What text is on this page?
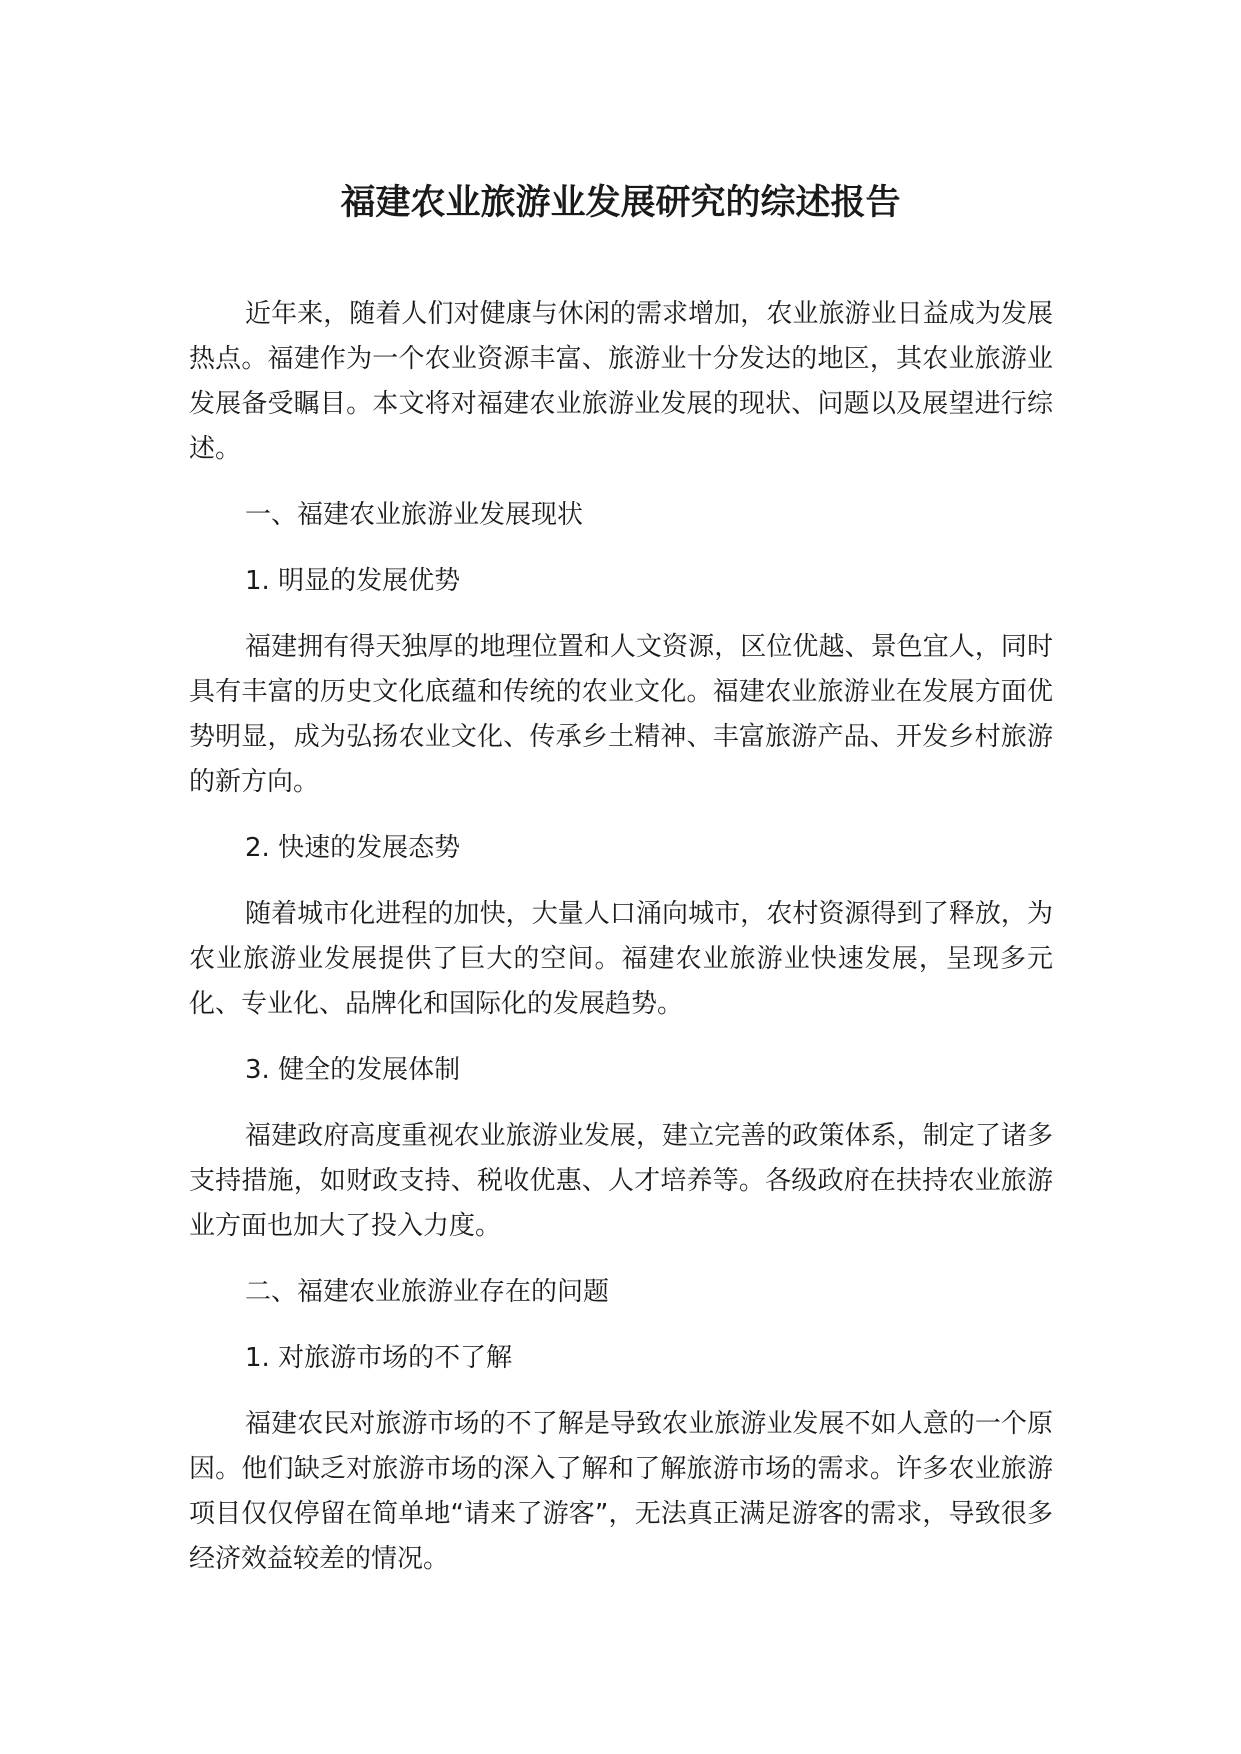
福建农业旅游业发展研究的综述报告

近年来，随着人们对健康与休闲的需求增加，农业旅游业日益成为发展热点。福建作为一个农业资源丰富、旅游业十分发达的地区，其农业旅游业发展备受瞩目。本文将对福建农业旅游业发展的现状、问题以及展望进行综述。

一、福建农业旅游业发展现状

1. 明显的发展优势

福建拥有得天独厚的地理位置和人文资源，区位优越、景色宜人，同时具有丰富的历史文化底蕴和传统的农业文化。福建农业旅游业在发展方面优势明显，成为弘扬农业文化、传承乡土精神、丰富旅游产品、开发乡村旅游的新方向。

2. 快速的发展态势

随着城市化进程的加快，大量人口涌向城市，农村资源得到了释放，为农业旅游业发展提供了巨大的空间。福建农业旅游业快速发展，呈现多元化、专业化、品牌化和国际化的发展趋势。

3. 健全的发展体制

福建政府高度重视农业旅游业发展，建立完善的政策体系，制定了诸多支持措施，如财政支持、税收优惠、人才培养等。各级政府在扶持农业旅游业方面也加大了投入力度。

二、福建农业旅游业存在的问题

1. 对旅游市场的不了解

福建农民对旅游市场的不了解是导致农业旅游业发展不如人意的一个原因。他们缺乏对旅游市场的深入了解和了解旅游市场的需求。许多农业旅游项目仅仅停留在简单地“请来了游客”，无法真正满足游客的需求，导致很多经济效益较差的情况。
